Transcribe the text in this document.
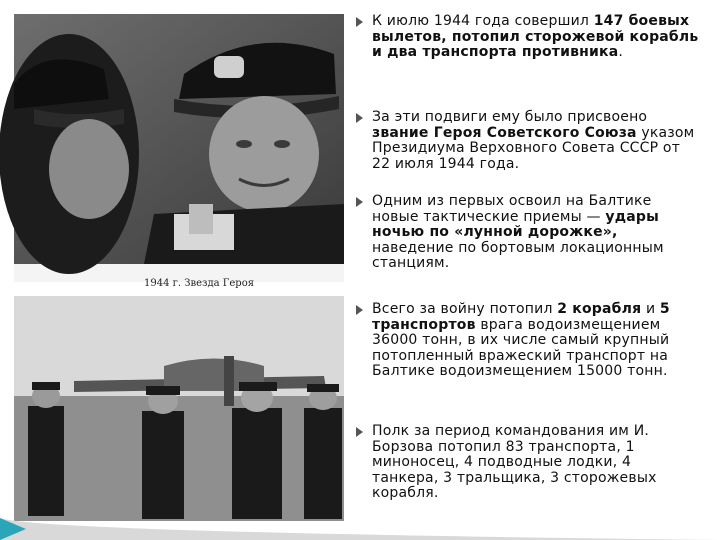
1944 г. Звезда Героя
К июлю 1944 года совершил 147 боевых вылетов, потопил сторожевой корабль и два транспорта противника.
За эти подвиги ему было присвоено звание Героя Советского Союза указом Президиума Верховного Совета СССР от 22 июля 1944 года.
Одним из первых освоил на Балтике новые тактические приемы — удары ночью по «лунной дорожке», наведение по бортовым локационным станциям.
Всего за войну потопил 2 корабля и 5 транспортов врага водоизмещением 36000 тонн, в их числе самый крупный потопленный вражеский транспорт на Балтике водоизмещением 15000 тонн.
Полк за период командования им И. Борзова потопил 83 транспорта, 1 миноносец, 4 подводные лодки, 4 танкера, 3 тральщика, 3 сторожевых корабля.
